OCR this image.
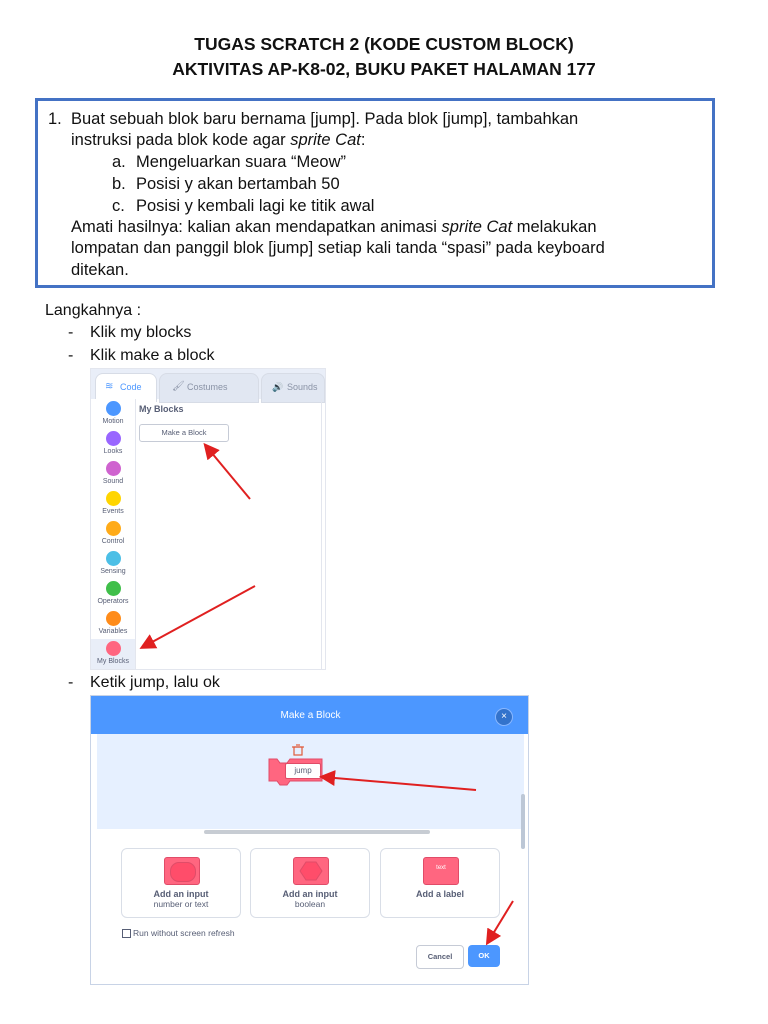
TUGAS SCRATCH 2 (KODE CUSTOM BLOCK)
AKTIVITAS AP-K8-02, BUKU PAKET HALAMAN 177
1. Buat sebuah blok baru bernama [jump]. Pada blok [jump], tambahkan
instruksi pada blok kode agar sprite Cat:
a. Mengeluarkan suara “Meow”
b. Posisi y akan bertambah 50
c. Posisi y kembali lagi ke titik awal
Amati hasilnya: kalian akan mendapatkan animasi sprite Cat melakukan
lompatan dan panggil blok [jump] setiap kali tanda “spasi” pada keyboard
ditekan.
Langkahnya :
- Klik my blocks
- Klik make a block
- Ketik jump, lalu ok
≋ Code	🖌 Costumes	🔊 Sounds
Motion
Looks
Sound
Events
Control
Sensing
Operators
Variables
My Blocks
My Blocks
Make a Block
Make a Block	×
jump
Add an input
number or text
Add an input
boolean
text
Add a label
Run without screen refresh
Cancel	OK
